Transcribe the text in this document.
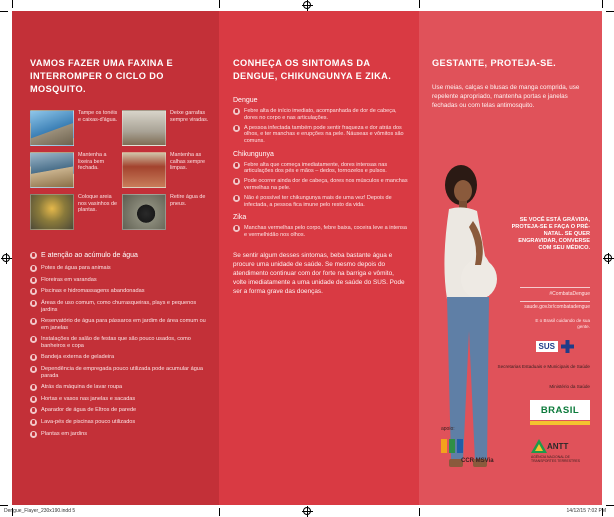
VAMOS FAZER UMA FAXINA E INTERROMPER O CICLO DO MOSQUITO.
Tampe os tonéis e caixas-d'água.
Deixe garrafas sempre viradas.
Mantenha a lixeira bem fechada.
Mantenha as calhas sempre limpas.
Coloque areia nos vasinhos de plantas.
Retire água de pneus.
E atenção ao acúmulo de água
Potes de água para animais
Floreiras em varandas
Piscinas e hidromassagens abandonadas
Áreas de uso comum, como churrasqueiras, plays e pequenos jardins
Reservatório de água para pássaros em jardim de área comum ou em janelas
Instalações de salão de festas que são pouco usados, como banheiros e copa
Bandeja externa de geladeira
Dependência de empregada pouco utilizada pode acumular água parada
Atrás da máquina de lavar roupa
Hortas e vasos nas janelas e sacadas
Aparador de água de Eltros de parede
Lava-pés de piscinas pouco utilizados
Plantas em jardins
CONHEÇA OS SINTOMAS DA DENGUE, CHIKUNGUNYA E ZIKA.
Dengue
Febre alta de início imediato, acompanhada de dor de cabeça, dores no corpo e nas articulações.
A pessoa infectada também pode sentir fraqueza e dor atrás dos olhos, e ter manchas e erupções na pele. Náuseas e vômitos são comuns.
Chikungunya
Febre alta que começa imediatamente, dores intensas nas articulações dos pés e mãos – dedos, tornozelos e pulsos.
Pode ocorrer ainda dor de cabeça, dores nos músculos e manchas vermelhas na pele.
Não é possível ter chikungunya mais de uma vez! Depois de infectada, a pessoa fica imune pelo resto da vida.
Zika
Manchas vermelhas pelo corpo, febre baixa, coceira leve a intensa e vermelhidão nos olhos.

Se sentir algum desses sintomas, beba bastante água e procure uma unidade de saúde. Se mesmo depois do atendimento continuar com dor forte na barriga e vômito, volte imediatamente a uma unidade de saúde do SUS. Pode ser a forma grave das doenças.

GESTANTE, PROTEJA-SE.

Use meias, calças e blusas de manga comprida, use repelente apropriado, mantenha portas e janelas fechadas ou com telas antimosquito.

SE VOCÊ ESTÁ GRÁVIDA, PROTEJA-SE E FAÇA O PRÉ-NATAL. SE QUER ENGRAVIDAR, CONVERSE COM SEU MÉDICO.
#CombataDengue
saude.gov.br/combatadengue
E o Brasil cuidando de sua gente.
SUS
Secretarias Estaduais e Municipais de Saúde
Ministério da Saúde
BRASIL
apoio:
CCR MSVia
ANTT
AGÊNCIA NACIONAL DE TRANSPORTES TERRESTRES
Dengue_Flayer_230x190.indd 5	14/12/15 7:02 PM
